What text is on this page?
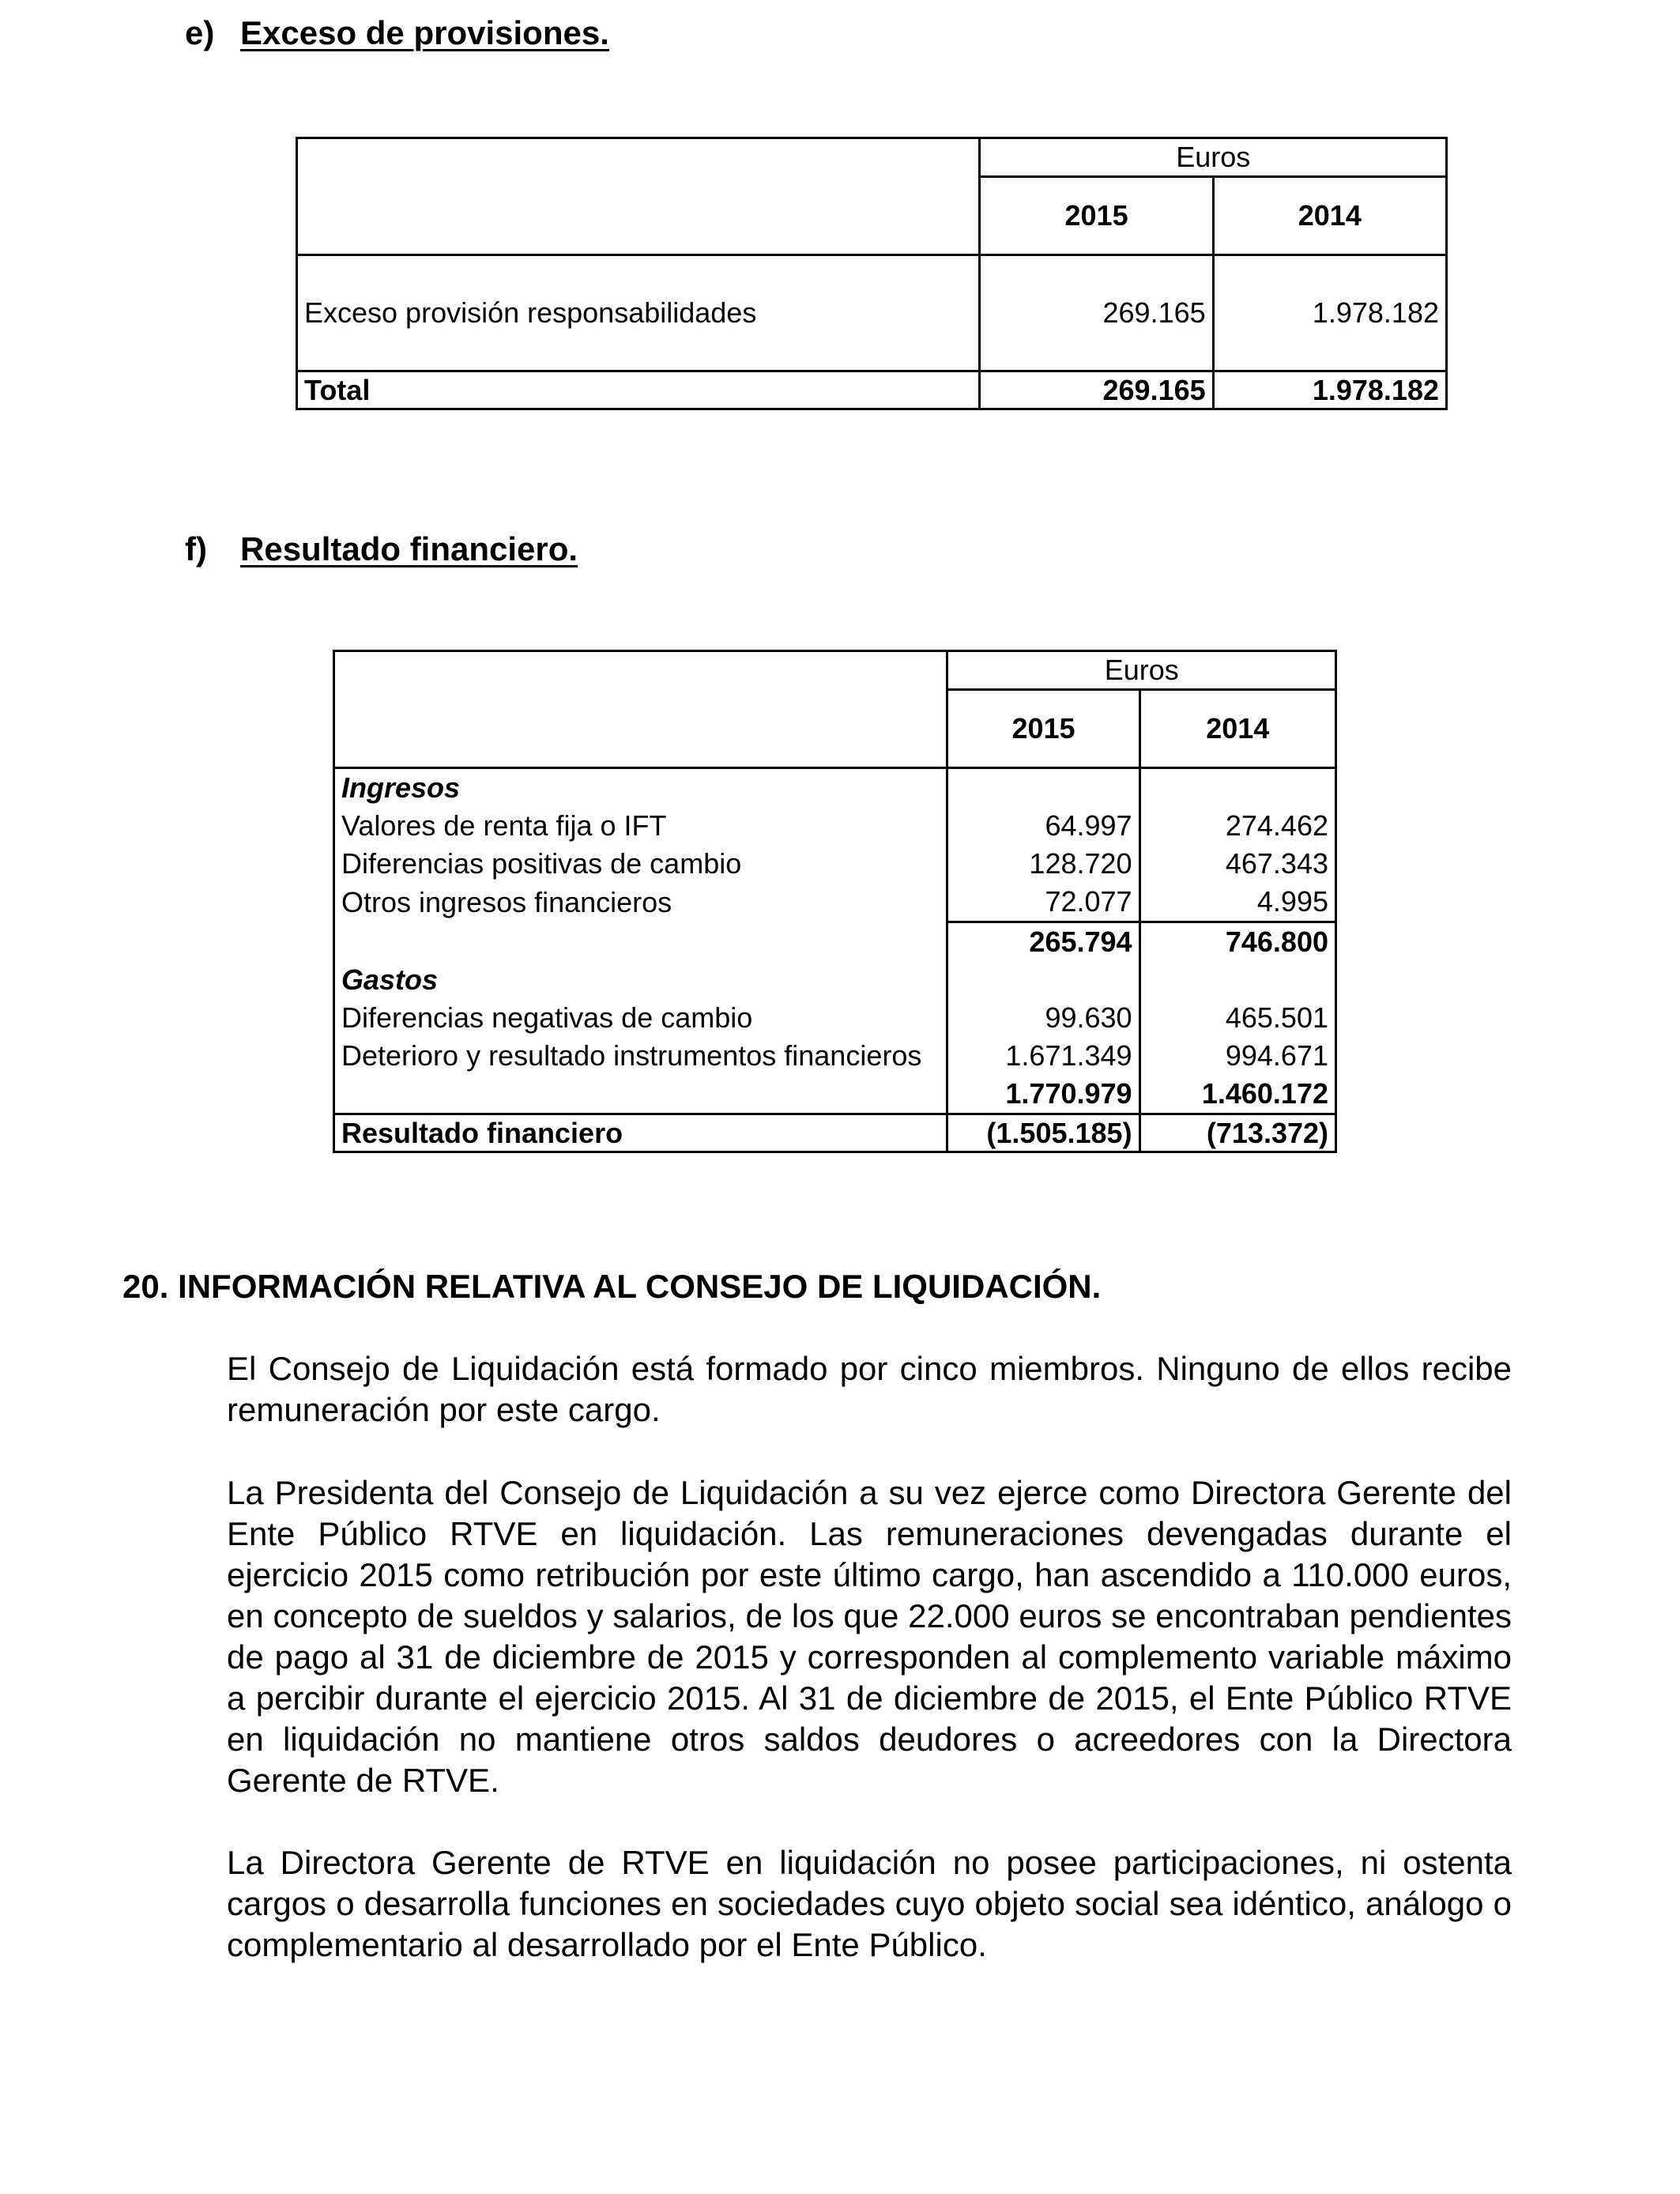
e) Exceso de provisiones.
	Euros	
	2015	2014
Exceso provisión responsabilidades	269.165	1.978.182
Total	269.165	1.978.182
f) Resultado financiero.
	Euros	
	2015	2014
Ingresos		
Valores de renta fija o IFT	64.997	274.462
Diferencias positivas de cambio	128.720	467.343
Otros ingresos financieros	72.077	4.995
	265.794	746.800
Gastos		
Diferencias negativas de cambio	99.630	465.501
Deterioro y resultado instrumentos financieros	1.671.349	994.671
	1.770.979	1.460.172
Resultado financiero	(1.505.185)	(713.372)
20. INFORMACIÓN RELATIVA AL CONSEJO DE LIQUIDACIÓN.

El Consejo de Liquidación está formado por cinco miembros. Ninguno de ellos recibe remuneración por este cargo.

La Presidenta del Consejo de Liquidación a su vez ejerce como Directora Gerente del Ente Público RTVE en liquidación. Las remuneraciones devengadas durante el ejercicio 2015 como retribución por este último cargo, han ascendido a 110.000 euros, en concepto de sueldos y salarios, de los que 22.000 euros se encontraban pendientes de pago al 31 de diciembre de 2015 y corresponden al complemento variable máximo a percibir durante el ejercicio 2015. Al 31 de diciembre de 2015, el Ente Público RTVE en liquidación no mantiene otros saldos deudores o acreedores con la Directora Gerente de RTVE.

La Directora Gerente de RTVE en liquidación no posee participaciones, ni ostenta cargos o desarrolla funciones en sociedades cuyo objeto social sea idéntico, análogo o complementario al desarrollado por el Ente Público.
